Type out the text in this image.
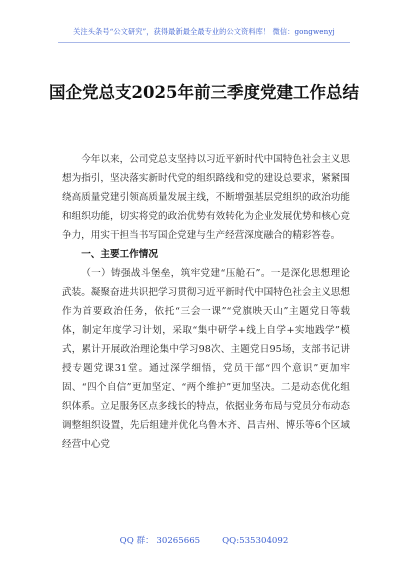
关注头条号“公文研究”，获得最新最全最专业的公文资料库！ 微信：gongwenyj
国企党总支2025年前三季度党建工作总结

今年以来，公司党总支坚持以习近平新时代中国特色社会主义思想为指引，坚决落实新时代党的组织路线和党的建设总要求，紧紧围绕高质量党建引领高质量发展主线，不断增强基层党组织的政治功能和组织功能，切实将党的政治优势有效转化为企业发展优势和核心竞争力，用实干担当书写国企党建与生产经营深度融合的精彩答卷。

一、主要工作情况

（一）铸强战斗堡垒，筑牢党建“压舱石”。一是深化思想理论武装。凝聚奋进共识把学习贯彻习近平新时代中国特色社会主义思想作为首要政治任务，依托“三会一课”“党旗映天山”主题党日等载体，制定年度学习计划，采取“集中研学+线上自学+实地践学”模式，累计开展政治理论集中学习98次、主题党日95场，支部书记讲授专题党课31堂。通过深学细悟，党员干部“四个意识”更加牢固、“四个自信”更加坚定、“两个维护”更加坚决。二是动态优化组织体系。立足服务区点多线长的特点，依据业务布局与党员分布动态调整组织设置，先后组建并优化乌鲁木齐、昌吉州、博乐等6个区域经营中心党

QQ 群： 30265665	QQ:535304092
